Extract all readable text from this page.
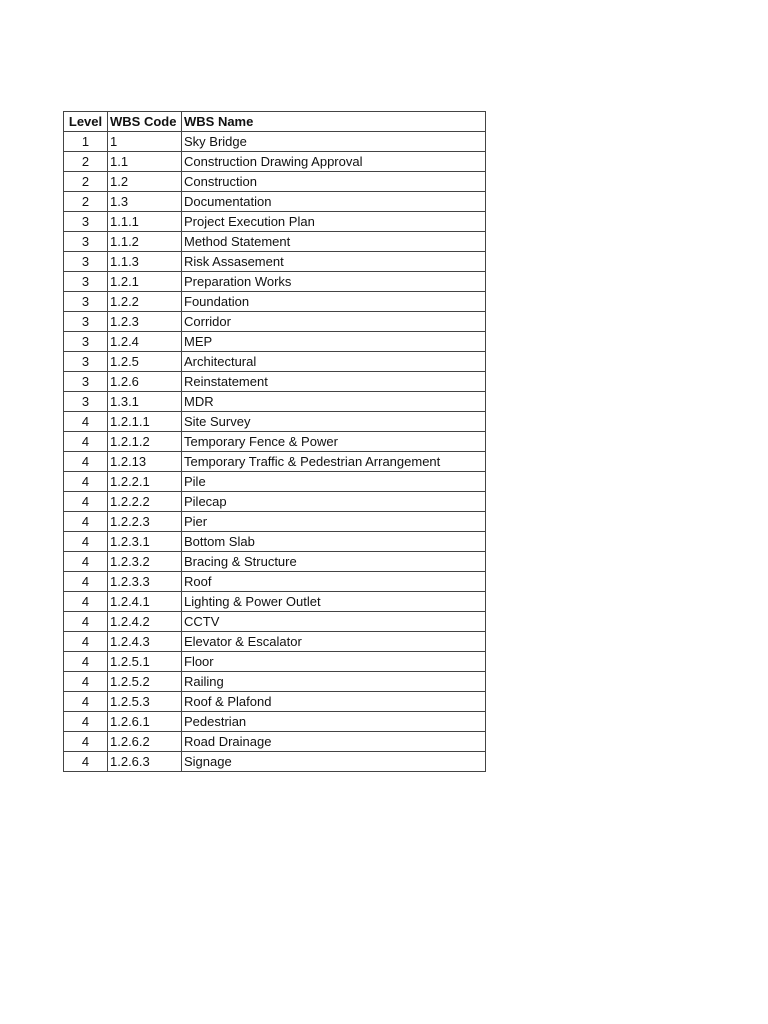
Level	WBS Code	WBS Name
1	1	Sky Bridge
2	1.1	Construction Drawing Approval
2	1.2	Construction
2	1.3	Documentation
3	1.1.1	Project Execution Plan
3	1.1.2	Method Statement
3	1.1.3	Risk Assasement
3	1.2.1	Preparation Works
3	1.2.2	Foundation
3	1.2.3	Corridor
3	1.2.4	MEP
3	1.2.5	Architectural
3	1.2.6	Reinstatement
3	1.3.1	MDR
4	1.2.1.1	Site Survey
4	1.2.1.2	Temporary Fence & Power
4	1.2.13	Temporary Traffic & Pedestrian Arrangement
4	1.2.2.1	Pile
4	1.2.2.2	Pilecap
4	1.2.2.3	Pier
4	1.2.3.1	Bottom Slab
4	1.2.3.2	Bracing & Structure
4	1.2.3.3	Roof
4	1.2.4.1	Lighting & Power Outlet
4	1.2.4.2	CCTV
4	1.2.4.3	Elevator & Escalator
4	1.2.5.1	Floor
4	1.2.5.2	Railing
4	1.2.5.3	Roof & Plafond
4	1.2.6.1	Pedestrian
4	1.2.6.2	Road Drainage
4	1.2.6.3	Signage
